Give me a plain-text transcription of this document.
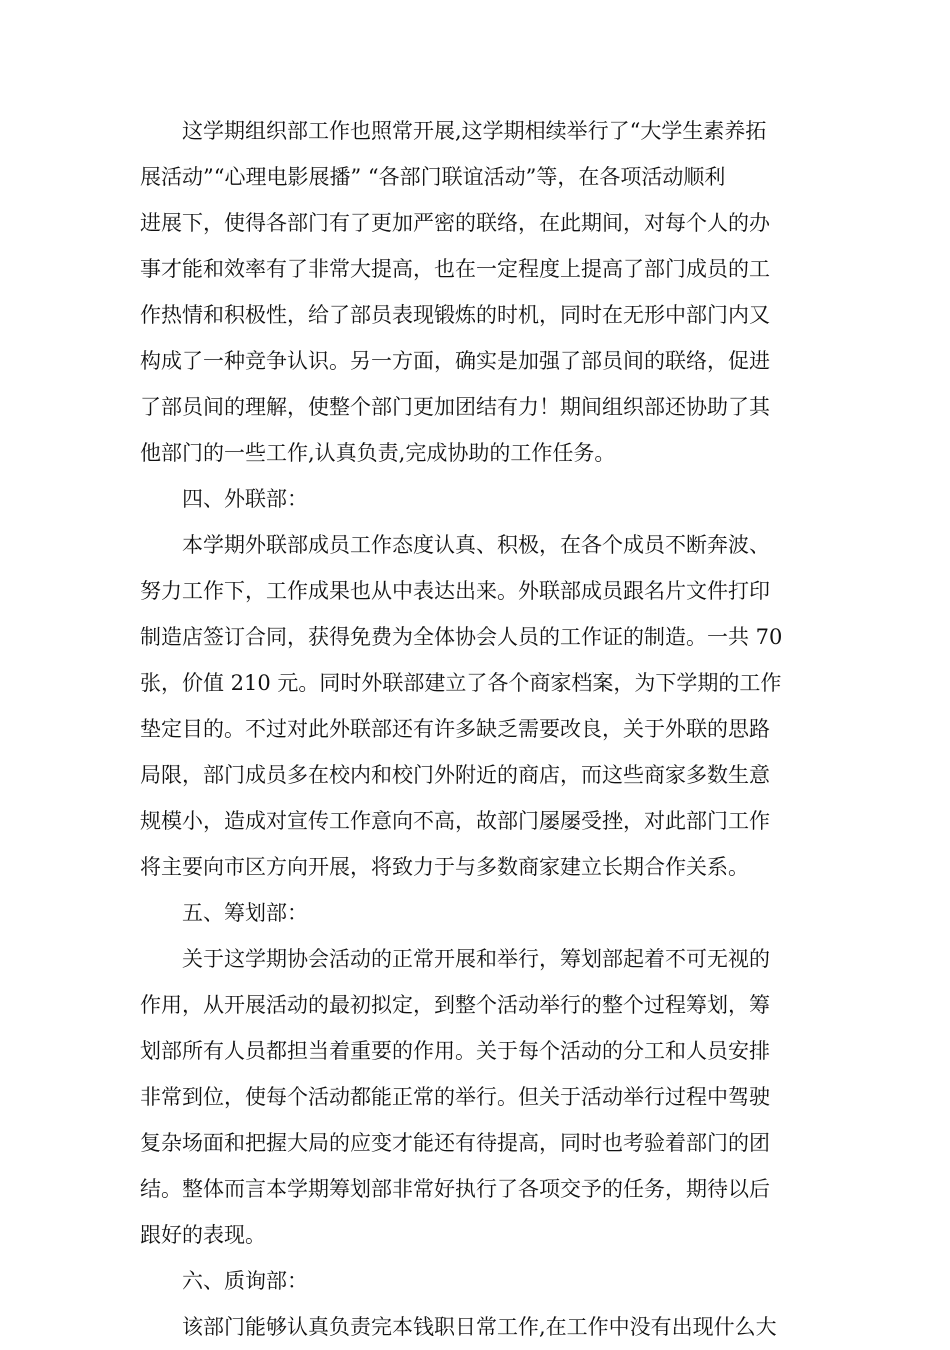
这学期组织部工作也照常开展,这学期相续举行了“大学生素养拓
展活动”“心理电影展播” “各部门联谊活动”等，在各项活动顺利
进展下，使得各部门有了更加严密的联络，在此期间，对每个人的办
事才能和效率有了非常大提高，也在一定程度上提高了部门成员的工
作热情和积极性，给了部员表现锻炼的时机，同时在无形中部门内又
构成了一种竞争认识。另一方面，确实是加强了部员间的联络，促进
了部员间的理解，使整个部门更加团结有力！期间组织部还协助了其
他部门的一些工作,认真负责,完成协助的工作任务。
四、外联部：
本学期外联部成员工作态度认真、积极，在各个成员不断奔波、
努力工作下，工作成果也从中表达出来。外联部成员跟名片文件打印
制造店签订合同，获得免费为全体协会人员的工作证的制造。一共 70
张，价值 210 元。同时外联部建立了各个商家档案，为下学期的工作
垫定目的。不过对此外联部还有许多缺乏需要改良，关于外联的思路
局限，部门成员多在校内和校门外附近的商店，而这些商家多数生意
规模小，造成对宣传工作意向不高，故部门屡屡受挫，对此部门工作
将主要向市区方向开展，将致力于与多数商家建立长期合作关系。
五、筹划部：
关于这学期协会活动的正常开展和举行，筹划部起着不可无视的
作用，从开展活动的最初拟定，到整个活动举行的整个过程筹划，筹
划部所有人员都担当着重要的作用。关于每个活动的分工和人员安排
非常到位，使每个活动都能正常的举行。但关于活动举行过程中驾驶
复杂场面和把握大局的应变才能还有待提高，同时也考验着部门的团
结。整体而言本学期筹划部非常好执行了各项交予的任务，期待以后
跟好的表现。
六、质询部：
该部门能够认真负责完本钱职日常工作,在工作中没有出现什么大
